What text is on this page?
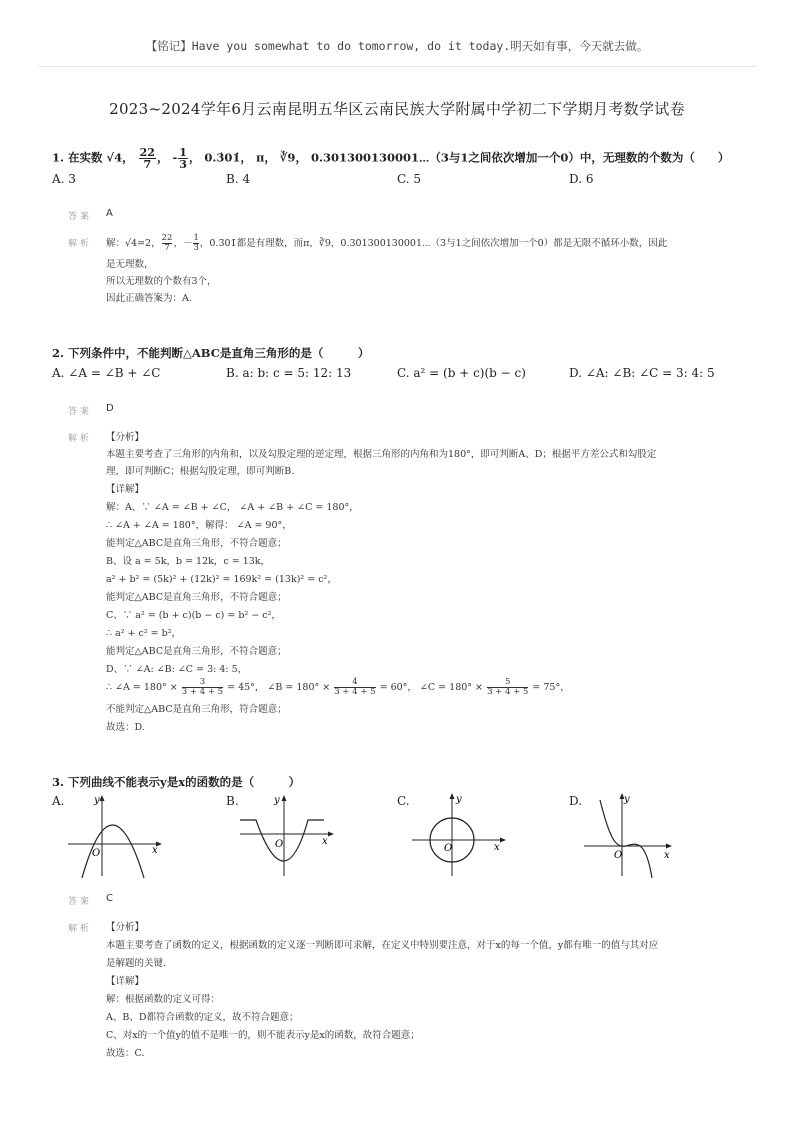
【铭记】Have you somewhat to do tomorrow, do it today.明天如有事，今天就去做。
2023~2024学年6月云南昆明五华区云南民族大学附属中学初二下学期月考数学试卷
1. 在实数 √4， $\frac{22}{7}$ ， - $\frac{1}{3}$ ， 0.3̇01̇， π， ∛9， 0.301300130001⋯（3与1之间依次增加一个0）中，无理数的个数为（　　）
A. 3	B. 4	C. 5	D. 6
答案 A
解析 解：√4=2， $\frac{22}{7}$ ，－ $\frac{1}{3}$ ，0.3̇01̇都是有理数，而π，∛9，0.301300130001⋯（3与1之间依次增加一个0）都是无限不循环小数，因此
是无理数，
所以无理数的个数有3个，
因此正确答案为：A.
2. 下列条件中，不能判断△ABC是直角三角形的是（　　　）
A. ∠A = ∠B + ∠C	B. a: b: c = 5: 12: 13	C. a² = (b + c)(b − c)	D. ∠A: ∠B: ∠C = 3: 4: 5
答案 D
解析 【分析】
本题主要考查了三角形的内角和，以及勾股定理的逆定理，根据三角形的内角和为180°，即可判断A、D；根据平方差公式和勾股定
理，即可判断C；根据勾股定理，即可判断B.
【详解】
解：A、∵ ∠A = ∠B + ∠C， ∠A + ∠B + ∠C = 180°，
∴ ∠A + ∠A = 180°，解得： ∠A = 90°，
能判定△ABC是直角三角形，不符合题意；
B、设 a = 5k，b = 12k，c = 13k，
a² + b² = (5k)² + (12k)² = 169k² = (13k)² = c²，
能判定△ABC是直角三角形，不符合题意；
C、∵ a² = (b + c)(b − c) = b² − c²，
∴ a² + c² = b²，
能判定△ABC是直角三角形，不符合题意；
D、∵ ∠A: ∠B: ∠C = 3: 4: 5，
∴ ∠A = $180^\circ \times \frac{3}{3 + 4 + 5} = 45^\circ$， ∠B = $180^\circ \times \frac{4}{3 + 4 + 5} = 60^\circ$， ∠C = $180^\circ \times \frac{5}{3 + 4 + 5} = 75^\circ$，
不能判定△ABC是直角三角形，符合题意；
故选：D.
3. 下列曲线不能表示y是x的函数的是（　　　）
A.	B.	C.	D.
y
O	x
y
O	x
y
O	x
y
O	x
答案 C
解析 【分析】
本题主要考查了函数的定义，根据函数的定义逐一判断即可求解，在定义中特别要注意，对于x的每一个值，y都有唯一的值与其对应
是解题的关键.
【详解】
解：根据函数的定义可得：
A、B、D都符合函数的定义，故不符合题意；
C、对x的一个值y的值不是唯一的，则不能表示y是x的函数，故符合题意；
故选：C.
